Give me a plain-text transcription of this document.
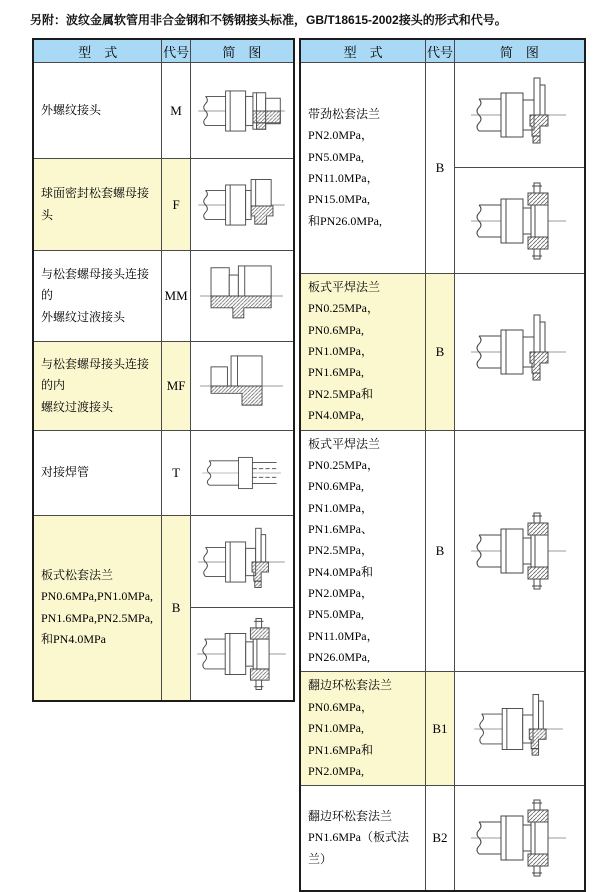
另附：波纹金属软管用非合金钢和不锈钢接头标准，GB/T18615-2002接头的形式和代号。
型　式	代号	简　图

外螺纹接头	M	

球面密封松套螺母接头	F	

与松套螺母接头连接的
外螺纹过液接头	MM	

与松套螺母接头连接的内
螺纹过渡接头	MF	

对接焊管	T	

板式松套法兰
PN0.6MPa,PN1.0MPa,
PN1.6MPa,PN2.5MPa,
和PN4.0MPa	B	

型　式	代号	简　图

带劲松套法兰
PN2.0MPa，PN5.0MPa,
PN11.0MPa，PN15.0MPa,
和PN26.0MPa,	B	

板式平焊法兰
PN0.25MPa，PN0.6MPa,
PN1.0MPa，PN1.6MPa,
PN2.5MPa和PN4.0MPa,	B	

板式平焊法兰
PN0.25MPa，PN0.6MPa,
PN1.0MPa，PN1.6MPa、
PN2.5MPa，PN4.0MPa和
PN2.0MPa，PN5.0MPa,
PN11.0MPa，PN26.0MPa,
	B	

翻边环松套法兰
PN0.6MPa，PN1.0MPa,
PN1.6MPa和PN2.0MPa,	B1	

翻边环松套法兰
PN1.6MPa（板式法兰）	B2	
